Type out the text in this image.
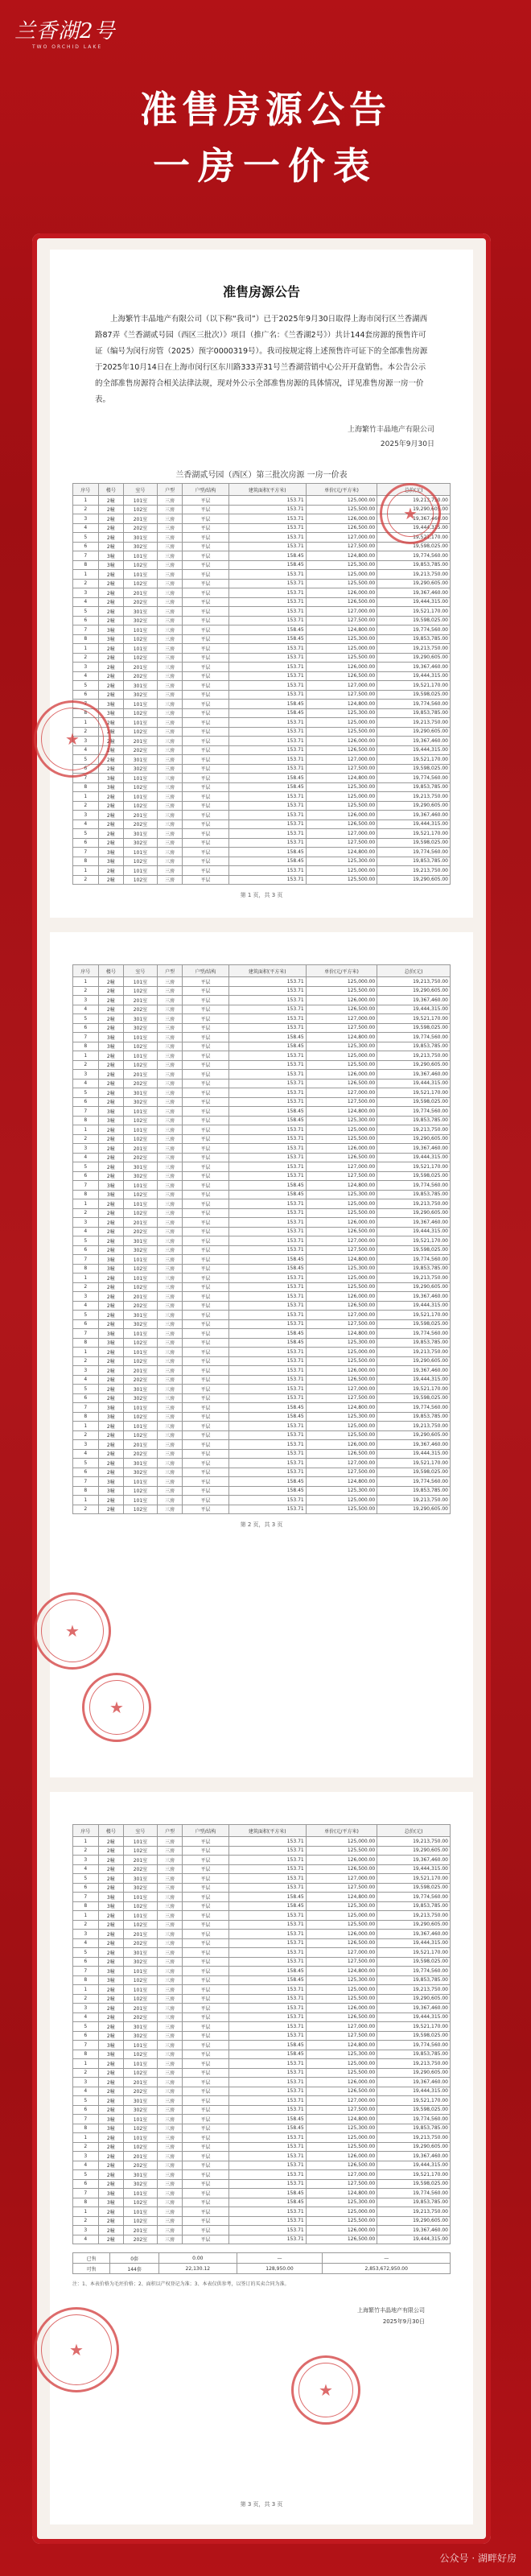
兰香湖2号
TWO ORCHID LAKE
准售房源公告
一房一价表
准售房源公告
上海繁竹丰晶地产有限公司（以下称“我司”）已于2025年9月30日取得上海市闵行区兰香湖西路87弄《兰香湖贰号园（西区三批次）》项目（推广名：《兰香湖2号》）共计144套房源的预售许可证（编号为闵行房管（2025）预字0000319号）。我司按规定将上述预售许可证下的全部准售房源于2025年10月14日在上海市闵行区东川路333弄31号兰香湖营销中心公开开盘销售。本公告公示的全部准售房源符合相关法律法规，现对外公示全部准售房源的具体情况，详见准售房源一房一价表。
上海繁竹丰晶地产有限公司
2025年9月30日
★
兰香湖贰号园（西区）第三批次房源 一房一价表
序号	楼号	室号	户型	户型/结构	建筑面积(平方米)	单价(元/平方米)	总价(元)
1	2幢	101室	三房	平层	153.71	125,000.00	19,213,750.00
2	2幢	102室	三房	平层	153.71	125,500.00	19,290,605.00
3	2幢	201室	三房	平层	153.71	126,000.00	19,367,460.00
4	2幢	202室	三房	平层	153.71	126,500.00	19,444,315.00
5	2幢	301室	三房	平层	153.71	127,000.00	19,521,170.00
6	2幢	302室	三房	平层	153.71	127,500.00	19,598,025.00
7	3幢	101室	三房	平层	158.45	124,800.00	19,774,560.00
8	3幢	102室	三房	平层	158.45	125,300.00	19,853,785.00
1	2幢	101室	三房	平层	153.71	125,000.00	19,213,750.00
2	2幢	102室	三房	平层	153.71	125,500.00	19,290,605.00
3	2幢	201室	三房	平层	153.71	126,000.00	19,367,460.00
4	2幢	202室	三房	平层	153.71	126,500.00	19,444,315.00
5	2幢	301室	三房	平层	153.71	127,000.00	19,521,170.00
6	2幢	302室	三房	平层	153.71	127,500.00	19,598,025.00
7	3幢	101室	三房	平层	158.45	124,800.00	19,774,560.00
8	3幢	102室	三房	平层	158.45	125,300.00	19,853,785.00
1	2幢	101室	三房	平层	153.71	125,000.00	19,213,750.00
2	2幢	102室	三房	平层	153.71	125,500.00	19,290,605.00
3	2幢	201室	三房	平层	153.71	126,000.00	19,367,460.00
4	2幢	202室	三房	平层	153.71	126,500.00	19,444,315.00
5	2幢	301室	三房	平层	153.71	127,000.00	19,521,170.00
6	2幢	302室	三房	平层	153.71	127,500.00	19,598,025.00
7	3幢	101室	三房	平层	158.45	124,800.00	19,774,560.00
8	3幢	102室	三房	平层	158.45	125,300.00	19,853,785.00
1	2幢	101室	三房	平层	153.71	125,000.00	19,213,750.00
2	2幢	102室	三房	平层	153.71	125,500.00	19,290,605.00
3	2幢	201室	三房	平层	153.71	126,000.00	19,367,460.00
4	2幢	202室	三房	平层	153.71	126,500.00	19,444,315.00
5	2幢	301室	三房	平层	153.71	127,000.00	19,521,170.00
6	2幢	302室	三房	平层	153.71	127,500.00	19,598,025.00
7	3幢	101室	三房	平层	158.45	124,800.00	19,774,560.00
8	3幢	102室	三房	平层	158.45	125,300.00	19,853,785.00
1	2幢	101室	三房	平层	153.71	125,000.00	19,213,750.00
2	2幢	102室	三房	平层	153.71	125,500.00	19,290,605.00
3	2幢	201室	三房	平层	153.71	126,000.00	19,367,460.00
4	2幢	202室	三房	平层	153.71	126,500.00	19,444,315.00
5	2幢	301室	三房	平层	153.71	127,000.00	19,521,170.00
6	2幢	302室	三房	平层	153.71	127,500.00	19,598,025.00
7	3幢	101室	三房	平层	158.45	124,800.00	19,774,560.00
8	3幢	102室	三房	平层	158.45	125,300.00	19,853,785.00
1	2幢	101室	三房	平层	153.71	125,000.00	19,213,750.00
2	2幢	102室	三房	平层	153.71	125,500.00	19,290,605.00
第 1 页，共 3 页
★
序号	楼号	室号	户型	户型/结构	建筑面积(平方米)	单价(元/平方米)	总价(元)
1	2幢	101室	三房	平层	153.71	125,000.00	19,213,750.00
2	2幢	102室	三房	平层	153.71	125,500.00	19,290,605.00
3	2幢	201室	三房	平层	153.71	126,000.00	19,367,460.00
4	2幢	202室	三房	平层	153.71	126,500.00	19,444,315.00
5	2幢	301室	三房	平层	153.71	127,000.00	19,521,170.00
6	2幢	302室	三房	平层	153.71	127,500.00	19,598,025.00
7	3幢	101室	三房	平层	158.45	124,800.00	19,774,560.00
8	3幢	102室	三房	平层	158.45	125,300.00	19,853,785.00
1	2幢	101室	三房	平层	153.71	125,000.00	19,213,750.00
2	2幢	102室	三房	平层	153.71	125,500.00	19,290,605.00
3	2幢	201室	三房	平层	153.71	126,000.00	19,367,460.00
4	2幢	202室	三房	平层	153.71	126,500.00	19,444,315.00
5	2幢	301室	三房	平层	153.71	127,000.00	19,521,170.00
6	2幢	302室	三房	平层	153.71	127,500.00	19,598,025.00
7	3幢	101室	三房	平层	158.45	124,800.00	19,774,560.00
8	3幢	102室	三房	平层	158.45	125,300.00	19,853,785.00
1	2幢	101室	三房	平层	153.71	125,000.00	19,213,750.00
2	2幢	102室	三房	平层	153.71	125,500.00	19,290,605.00
3	2幢	201室	三房	平层	153.71	126,000.00	19,367,460.00
4	2幢	202室	三房	平层	153.71	126,500.00	19,444,315.00
5	2幢	301室	三房	平层	153.71	127,000.00	19,521,170.00
6	2幢	302室	三房	平层	153.71	127,500.00	19,598,025.00
7	3幢	101室	三房	平层	158.45	124,800.00	19,774,560.00
8	3幢	102室	三房	平层	158.45	125,300.00	19,853,785.00
1	2幢	101室	三房	平层	153.71	125,000.00	19,213,750.00
2	2幢	102室	三房	平层	153.71	125,500.00	19,290,605.00
3	2幢	201室	三房	平层	153.71	126,000.00	19,367,460.00
4	2幢	202室	三房	平层	153.71	126,500.00	19,444,315.00
5	2幢	301室	三房	平层	153.71	127,000.00	19,521,170.00
6	2幢	302室	三房	平层	153.71	127,500.00	19,598,025.00
7	3幢	101室	三房	平层	158.45	124,800.00	19,774,560.00
8	3幢	102室	三房	平层	158.45	125,300.00	19,853,785.00
1	2幢	101室	三房	平层	153.71	125,000.00	19,213,750.00
2	2幢	102室	三房	平层	153.71	125,500.00	19,290,605.00
3	2幢	201室	三房	平层	153.71	126,000.00	19,367,460.00
4	2幢	202室	三房	平层	153.71	126,500.00	19,444,315.00
5	2幢	301室	三房	平层	153.71	127,000.00	19,521,170.00
6	2幢	302室	三房	平层	153.71	127,500.00	19,598,025.00
7	3幢	101室	三房	平层	158.45	124,800.00	19,774,560.00
8	3幢	102室	三房	平层	158.45	125,300.00	19,853,785.00
1	2幢	101室	三房	平层	153.71	125,000.00	19,213,750.00
2	2幢	102室	三房	平层	153.71	125,500.00	19,290,605.00
3	2幢	201室	三房	平层	153.71	126,000.00	19,367,460.00
4	2幢	202室	三房	平层	153.71	126,500.00	19,444,315.00
5	2幢	301室	三房	平层	153.71	127,000.00	19,521,170.00
6	2幢	302室	三房	平层	153.71	127,500.00	19,598,025.00
7	3幢	101室	三房	平层	158.45	124,800.00	19,774,560.00
8	3幢	102室	三房	平层	158.45	125,300.00	19,853,785.00
1	2幢	101室	三房	平层	153.71	125,000.00	19,213,750.00
2	2幢	102室	三房	平层	153.71	125,500.00	19,290,605.00
3	2幢	201室	三房	平层	153.71	126,000.00	19,367,460.00
4	2幢	202室	三房	平层	153.71	126,500.00	19,444,315.00
5	2幢	301室	三房	平层	153.71	127,000.00	19,521,170.00
6	2幢	302室	三房	平层	153.71	127,500.00	19,598,025.00
7	3幢	101室	三房	平层	158.45	124,800.00	19,774,560.00
8	3幢	102室	三房	平层	158.45	125,300.00	19,853,785.00
1	2幢	101室	三房	平层	153.71	125,000.00	19,213,750.00
2	2幢	102室	三房	平层	153.71	125,500.00	19,290,605.00
第 2 页，共 3 页
★
★
序号	楼号	室号	户型	户型/结构	建筑面积(平方米)	单价(元/平方米)	总价(元)
1	2幢	101室	三房	平层	153.71	125,000.00	19,213,750.00
2	2幢	102室	三房	平层	153.71	125,500.00	19,290,605.00
3	2幢	201室	三房	平层	153.71	126,000.00	19,367,460.00
4	2幢	202室	三房	平层	153.71	126,500.00	19,444,315.00
5	2幢	301室	三房	平层	153.71	127,000.00	19,521,170.00
6	2幢	302室	三房	平层	153.71	127,500.00	19,598,025.00
7	3幢	101室	三房	平层	158.45	124,800.00	19,774,560.00
8	3幢	102室	三房	平层	158.45	125,300.00	19,853,785.00
1	2幢	101室	三房	平层	153.71	125,000.00	19,213,750.00
2	2幢	102室	三房	平层	153.71	125,500.00	19,290,605.00
3	2幢	201室	三房	平层	153.71	126,000.00	19,367,460.00
4	2幢	202室	三房	平层	153.71	126,500.00	19,444,315.00
5	2幢	301室	三房	平层	153.71	127,000.00	19,521,170.00
6	2幢	302室	三房	平层	153.71	127,500.00	19,598,025.00
7	3幢	101室	三房	平层	158.45	124,800.00	19,774,560.00
8	3幢	102室	三房	平层	158.45	125,300.00	19,853,785.00
1	2幢	101室	三房	平层	153.71	125,000.00	19,213,750.00
2	2幢	102室	三房	平层	153.71	125,500.00	19,290,605.00
3	2幢	201室	三房	平层	153.71	126,000.00	19,367,460.00
4	2幢	202室	三房	平层	153.71	126,500.00	19,444,315.00
5	2幢	301室	三房	平层	153.71	127,000.00	19,521,170.00
6	2幢	302室	三房	平层	153.71	127,500.00	19,598,025.00
7	3幢	101室	三房	平层	158.45	124,800.00	19,774,560.00
8	3幢	102室	三房	平层	158.45	125,300.00	19,853,785.00
1	2幢	101室	三房	平层	153.71	125,000.00	19,213,750.00
2	2幢	102室	三房	平层	153.71	125,500.00	19,290,605.00
3	2幢	201室	三房	平层	153.71	126,000.00	19,367,460.00
4	2幢	202室	三房	平层	153.71	126,500.00	19,444,315.00
5	2幢	301室	三房	平层	153.71	127,000.00	19,521,170.00
6	2幢	302室	三房	平层	153.71	127,500.00	19,598,025.00
7	3幢	101室	三房	平层	158.45	124,800.00	19,774,560.00
8	3幢	102室	三房	平层	158.45	125,300.00	19,853,785.00
1	2幢	101室	三房	平层	153.71	125,000.00	19,213,750.00
2	2幢	102室	三房	平层	153.71	125,500.00	19,290,605.00
3	2幢	201室	三房	平层	153.71	126,000.00	19,367,460.00
4	2幢	202室	三房	平层	153.71	126,500.00	19,444,315.00
5	2幢	301室	三房	平层	153.71	127,000.00	19,521,170.00
6	2幢	302室	三房	平层	153.71	127,500.00	19,598,025.00
7	3幢	101室	三房	平层	158.45	124,800.00	19,774,560.00
8	3幢	102室	三房	平层	158.45	125,300.00	19,853,785.00
1	2幢	101室	三房	平层	153.71	125,000.00	19,213,750.00
2	2幢	102室	三房	平层	153.71	125,500.00	19,290,605.00
3	2幢	201室	三房	平层	153.71	126,000.00	19,367,460.00
4	2幢	202室	三房	平层	153.71	126,500.00	19,444,315.00
已售	0套	0.00	—	—
可售	144套	22,130.12	128,950.00	2,853,672,950.00
注：1、本表价格为毛坯价格；2、面积以产权登记为准；3、本表仅供参考，以签订的买卖合同为准。
上海繁竹丰晶地产有限公司
2025年9月30日
★
★
第 3 页，共 3 页
公众号 · 湖畔好房
